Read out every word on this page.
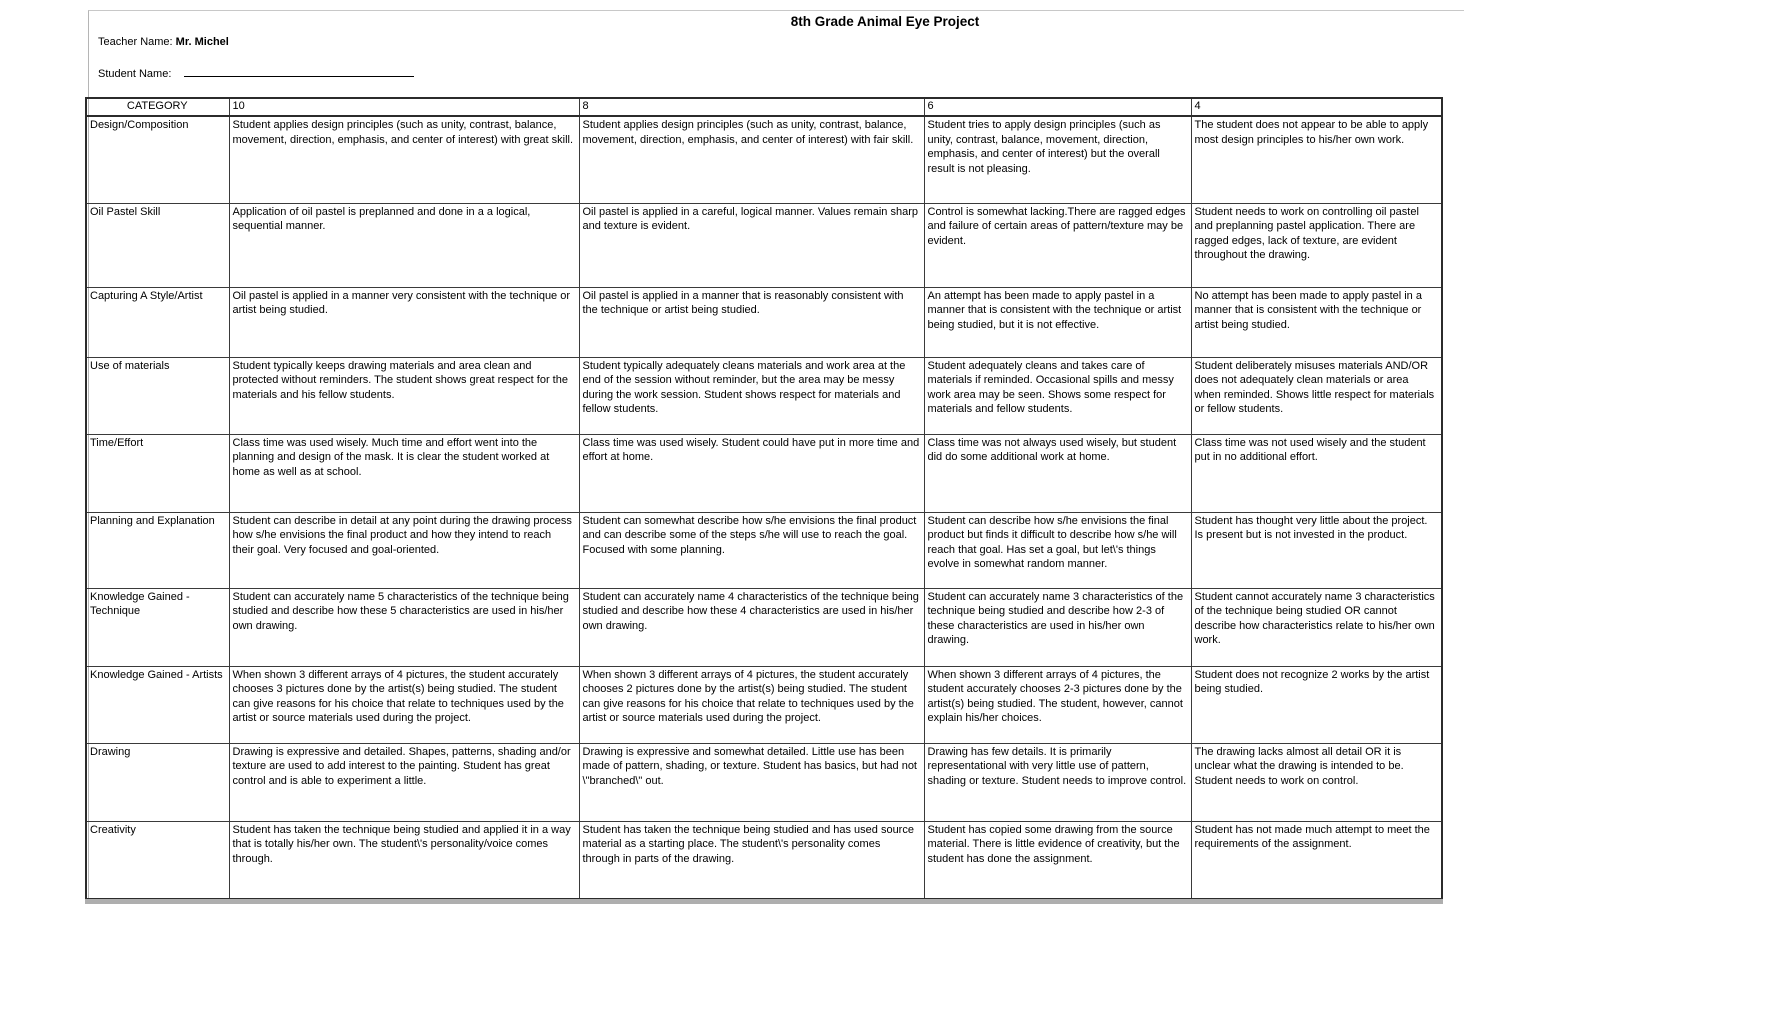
8th Grade Animal Eye Project
Teacher Name: Mr. Michel
Student Name:
CATEGORY	10	8	6	4
Design/Composition	Student applies design principles (such as unity, contrast, balance, movement, direction, emphasis, and center of interest) with great skill.	Student applies design principles (such as unity, contrast, balance, movement, direction, emphasis, and center of interest) with fair skill.	Student tries to apply design principles (such as unity, contrast, balance, movement, direction, emphasis, and center of interest) but the overall result is not pleasing.	The student does not appear to be able to apply most design principles to his/her own work.
Oil Pastel Skill	Application of oil pastel is preplanned and done in a a logical, sequential manner.	Oil pastel is applied in a careful, logical manner. Values remain sharp and texture is evident.	Control is somewhat lacking.There are ragged edges and failure of certain areas of pattern/texture may be evident.	Student needs to work on controlling oil pastel and preplanning pastel application. There are ragged edges, lack of texture, are evident throughout the drawing.
Capturing A Style/Artist	Oil pastel is applied in a manner very consistent with the technique or artist being studied.	Oil pastel is applied in a manner that is reasonably consistent with the technique or artist being studied.	An attempt has been made to apply pastel in a manner that is consistent with the technique or artist being studied, but it is not effective.	No attempt has been made to apply pastel in a manner that is consistent with the technique or artist being studied.
Use of materials	Student typically keeps drawing materials and area clean and protected without reminders. The student shows great respect for the materials and his fellow students.	Student typically adequately cleans materials and work area at the end of the session without reminder, but the area may be messy during the work session. Student shows respect for materials and fellow students.	Student adequately cleans and takes care of materials if reminded. Occasional spills and messy work area may be seen. Shows some respect for materials and fellow students.	Student deliberately misuses materials AND/OR does not adequately clean materials or area when reminded. Shows little respect for materials or fellow students.
Time/Effort	Class time was used wisely. Much time and effort went into the planning and design of the mask. It is clear the student worked at home as well as at school.	Class time was used wisely. Student could have put in more time and effort at home.	Class time was not always used wisely, but student did do some additional work at home.	Class time was not used wisely and the student put in no additional effort.
Planning and Explanation	Student can describe in detail at any point during the drawing process how s/he envisions the final product and how they intend to reach their goal. Very focused and goal-oriented.	Student can somewhat describe how s/he envisions the final product and can describe some of the steps s/he will use to reach the goal. Focused with some planning.	Student can describe how s/he envisions the final product but finds it difficult to describe how s/he will reach that goal. Has set a goal, but let\'s things evolve in somewhat random manner.	Student has thought very little about the project. Is present but is not invested in the product.
Knowledge Gained - Technique	Student can accurately name 5 characteristics of the technique being studied and describe how these 5 characteristics are used in his/her own drawing.	Student can accurately name 4 characteristics of the technique being studied and describe how these 4 characteristics are used in his/her own drawing.	Student can accurately name 3 characteristics of the technique being studied and describe how 2-3 of these characteristics are used in his/her own drawing.	Student cannot accurately name 3 characteristics of the technique being studied OR cannot describe how characteristics relate to his/her own work.
Knowledge Gained - Artists	When shown 3 different arrays of 4 pictures, the student accurately chooses 3 pictures done by the artist(s) being studied. The student can give reasons for his choice that relate to techniques used by the artist or source materials used during the project.	When shown 3 different arrays of 4 pictures, the student accurately chooses 2 pictures done by the artist(s) being studied. The student can give reasons for his choice that relate to techniques used by the artist or source materials used during the project.	When shown 3 different arrays of 4 pictures, the student accurately chooses 2-3 pictures done by the artist(s) being studied. The student, however, cannot explain his/her choices.	Student does not recognize 2 works by the artist being studied.
Drawing	Drawing is expressive and detailed. Shapes, patterns, shading and/or texture are used to add interest to the painting. Student has great control and is able to experiment a little.	Drawing is expressive and somewhat detailed. Little use has been made of pattern, shading, or texture. Student has basics, but had not \"branched\" out.	Drawing has few details. It is primarily representational with very little use of pattern, shading or texture. Student needs to improve control.	The drawing lacks almost all detail OR it is unclear what the drawing is intended to be. Student needs to work on control.
Creativity	Student has taken the technique being studied and applied it in a way that is totally his/her own. The student\'s personality/voice comes through.	Student has taken the technique being studied and has used source material as a starting place. The student\'s personality comes through in parts of the drawing.	Student has copied some drawing from the source material. There is little evidence of creativity, but the student has done the assignment.	Student has not made much attempt to meet the requirements of the assignment.
